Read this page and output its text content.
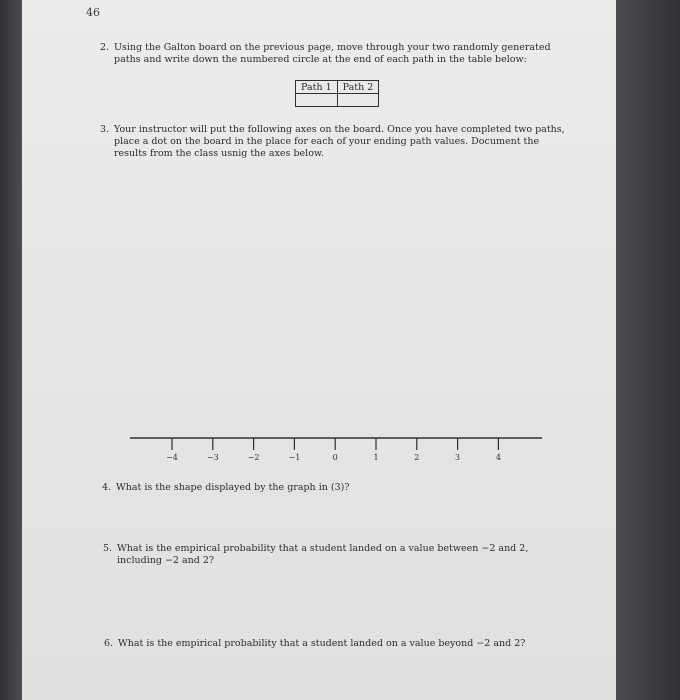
46
2. Using the Galton board on the previous page, move through your two randomly generated paths and write down the numbered circle at the end of each path in the table below:
Path 1	Path 2

3. Your instructor will put the following axes on the board. Once you have completed two paths, place a dot on the board in the place for each of your ending path values. Document the results from the class usnig the axes below.
−4	−3	−2	−1	0	1	2	3	4
4. What is the shape displayed by the graph in (3)?
5. What is the empirical probability that a student landed on a value between −2 and 2, including −2 and 2?
6. What is the empirical probability that a student landed on a value beyond −2 and 2?
